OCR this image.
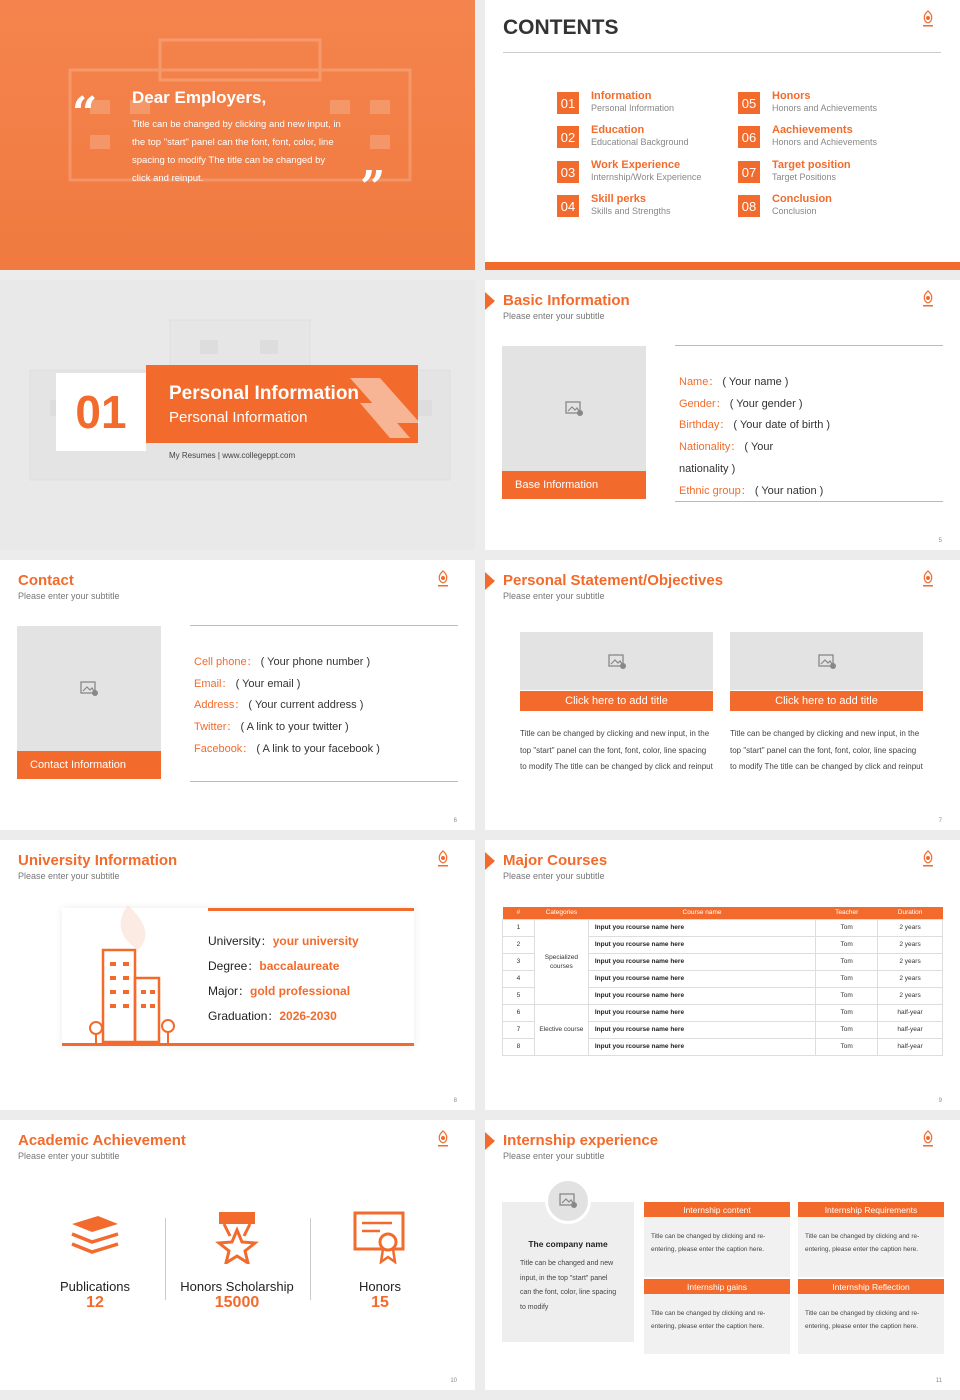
“ Dear Employers,
Title can be changed by clicking and new input, in the top "start" panel can the font, font, color, line spacing to modify The title can be changed by click and reinput.	”
CONTENTS
01	Information
Personal Information
02	Education
Educational Background
03	Work Experience
Internship/Work Experience
04	Skill perks
Skills and Strengths
05	Honors
Honors and Achievements
06	Aachievements
Honors and Achievements
07	Target position
Target Positions
08	Conclusion
Conclusion
01	Personal Information
Personal Information
My Resumes | www.collegeppt.com
Basic Information
Please enter your subtitle
Base Information
Name： ( Your name )
Gender： ( Your gender )
Birthday： ( Your date of birth )
Nationality： ( Your
nationality )
Ethnic group： ( Your nation )
5
Contact
Please enter your subtitle
Contact Information
Cell phone： ( Your phone number )
Email： ( Your email )
Address： ( Your current address )
Twitter： ( A link to your twitter )
Facebook： ( A link to your facebook )
6
Personal Statement/Objectives
Please enter your subtitle
Click here to add title
Title can be changed by clicking and new input, in the top "start" panel can the font, font, color, line spacing to modify The title can be changed by click and reinput
Click here to add title
Title can be changed by clicking and new input, in the top "start" panel can the font, font, color, line spacing to modify The title can be changed by click and reinput
7
University Information
Please enter your subtitle
University：your university
Degree：baccalaureate
Major：gold professional
Graduation：2026-2030
8
Major Courses
Please enter your subtitle
#	Categories	Course name	Teacher	Duration
1	Specialized courses	Input you rcourse name here	Tom	2 years
2		Input you rcourse name here	Tom	2 years
3		Input you rcourse name here	Tom	2 years
4		Input you rcourse name here	Tom	2 years
5		Input you rcourse name here	Tom	2 years
6	Elective course	Input you rcourse name here	Tom	half-year
7		Input you rcourse name here	Tom	half-year
8		Input you rcourse name here	Tom	half-year
9
Academic Achievement
Please enter your subtitle
Publications
12
Honors Scholarship
15000
Honors
15
10
Internship experience
Please enter your subtitle
The company name
Title can be changed and new input, in the top "start" panel can the font, color, line spacing to modify
Internship content
Title can be changed by clicking and re-entering, please enter the caption here.
Internship Requirements
Title can be changed by clicking and re-entering, please enter the caption here.
Internship gains
Title can be changed by clicking and re-entering, please enter the caption here.
Internship Reflection
Title can be changed by clicking and re-entering, please enter the caption here.
11
